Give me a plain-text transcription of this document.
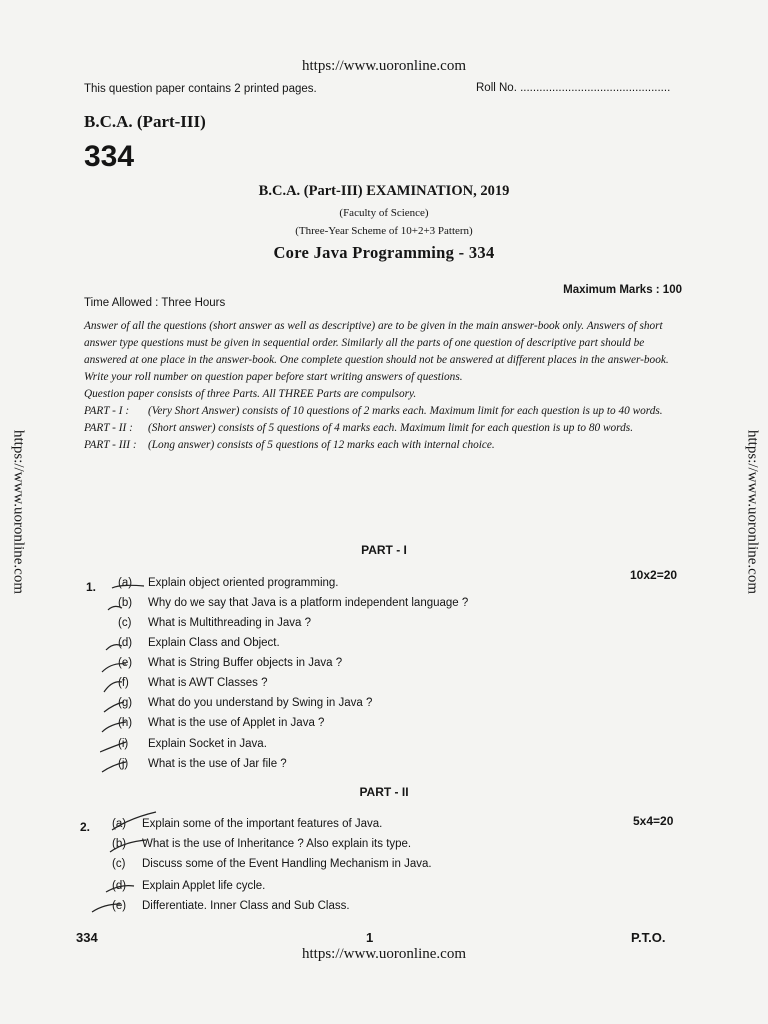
https://www.uoronline.com
https://www.uoronline.com
https://www.uoronline.com	https://www.uoronline.com
This question paper contains 2 printed pages.	Roll No. ...............................................
B.C.A. (Part-III)
334
B.C.A. (Part-III) EXAMINATION, 2019
(Faculty of Science)
(Three-Year Scheme of 10+2+3 Pattern)
Core Java Programming - 334
Maximum Marks : 100
Time Allowed : Three Hours

Answer of all the questions (short answer as well as descriptive) are to be given in the main answer-book only. Answers of short answer type questions must be given in sequential order. Similarly all the parts of one question of descriptive part should be answered at one place in the answer-book. One complete question should not be answered at different places in the answer-book.

Write your roll number on question paper before start writing answers of questions.

Question paper consists of three Parts. All THREE Parts are compulsory.

PART - I :	(Very Short Answer) consists of 10 questions of 2 marks each. Maximum limit for each question is up to 40 words.
PART - II :	(Short answer) consists of 5 questions of 4 marks each. Maximum limit for each question is up to 80 words.
PART - III :	(Long answer) consists of 5 questions of 12 marks each with internal choice.
PART - I
10x2=20
1. (a) Explain object oriented programming.
(b) Why do we say that Java is a platform independent language ?
(c) What is Multithreading in Java ?
(d) Explain Class and Object.
(e) What is String Buffer objects in Java ?
(f) What is AWT Classes ?
(g) What do you understand by Swing in Java ?
(h) What is the use of Applet in Java ?
(i) Explain Socket in Java.
(j) What is the use of Jar file ?
PART - II
5x4=20
2. (a) Explain some of the important features of Java.
(b) What is the use of Inheritance ? Also explain its type.
(c) Discuss some of the Event Handling Mechanism in Java.
(d) Explain Applet life cycle.
(e) Differentiate. Inner Class and Sub Class.
334	1	P.T.O.
